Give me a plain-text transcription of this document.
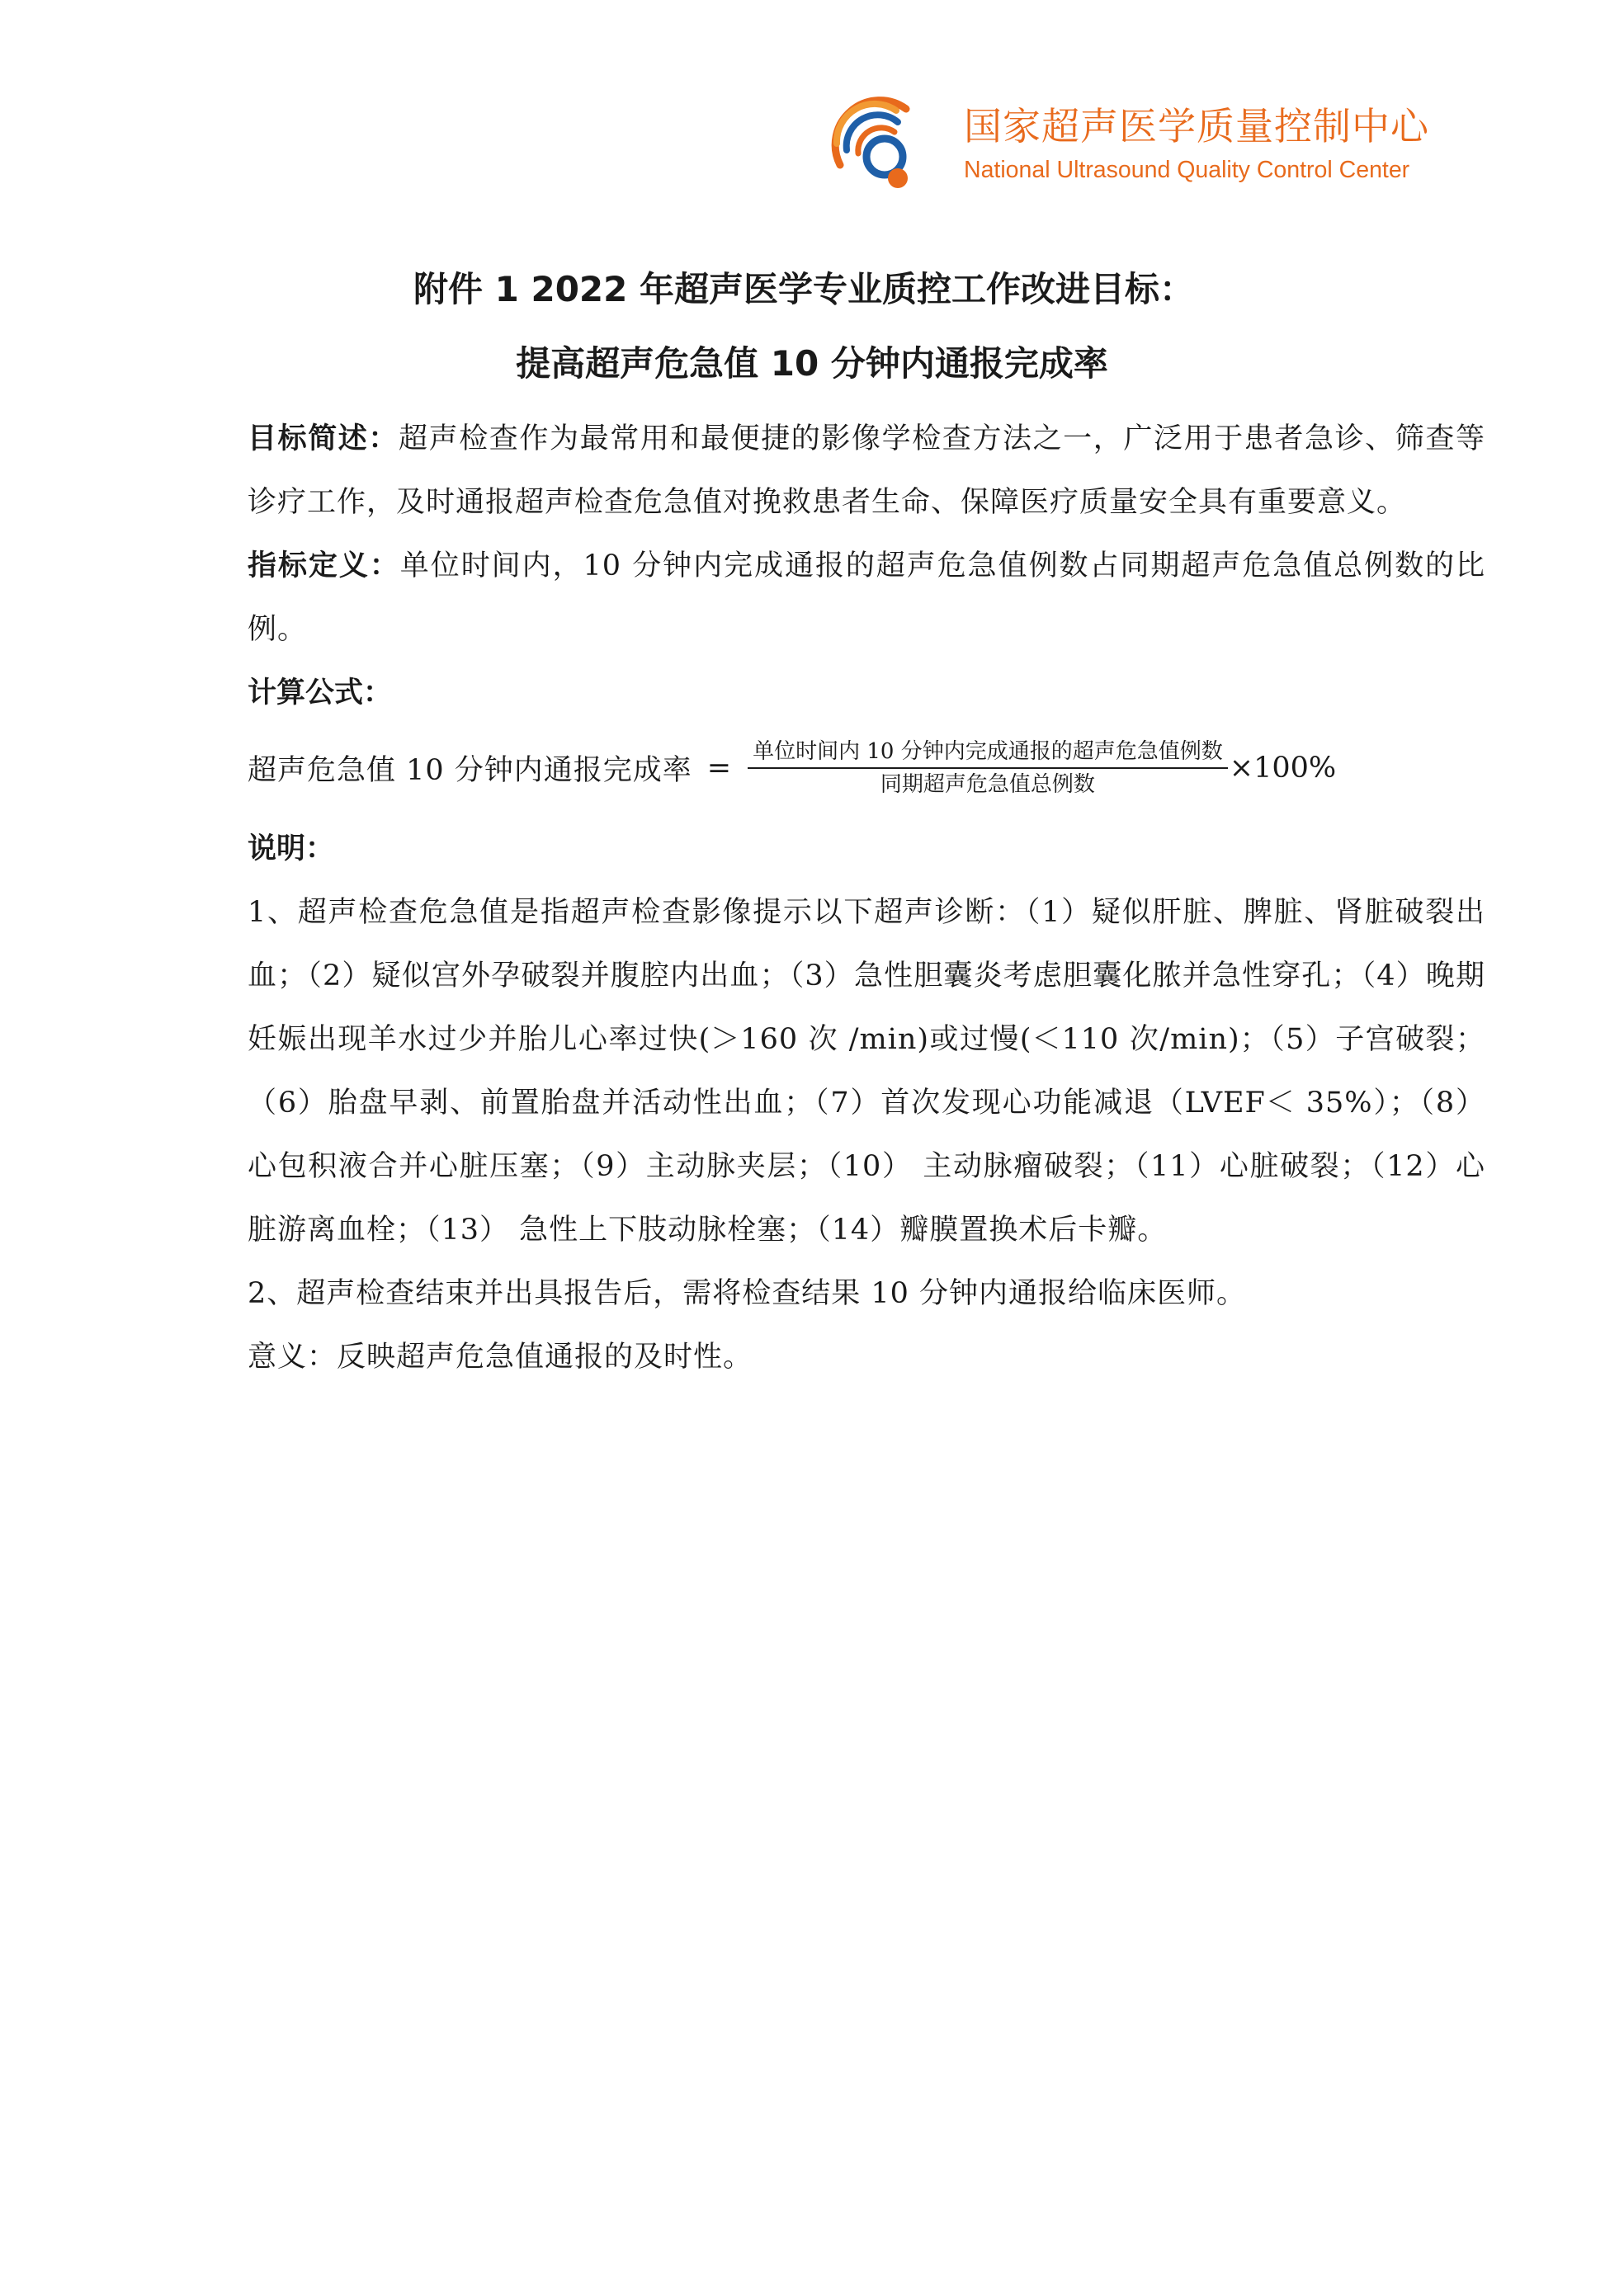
国家超声医学质量控制中心
National Ultrasound Quality Control Center
附件 1 2022 年超声医学专业质控工作改进目标：
提高超声危急值 10 分钟内通报完成率

目标简述：超声检查作为最常用和最便捷的影像学检查方法之一，广泛用于患者急诊、筛查等诊疗工作，及时通报超声检查危急值对挽救患者生命、保障医疗质量安全具有重要意义。

指标定义：单位时间内，10 分钟内完成通报的超声危急值例数占同期超声危急值总例数的比例。

计算公式：

超声危急值 10 分钟内通报完成率 = $\frac{\text{单位时间内 10 分钟内完成通报的超声危急值例数}}{\text{同期超声危急值总例数}} \times 100\%$

说明：

1、超声检查危急值是指超声检查影像提示以下超声诊断：（1）疑似肝脏、脾脏、肾脏破裂出血；（2）疑似宫外孕破裂并腹腔内出血；（3）急性胆囊炎考虑胆囊化脓并急性穿孔；（4）晚期妊娠出现羊水过少并胎儿心率过快(＞160 次 /min)或过慢(＜110 次/min)；（5）子宫破裂；（6）胎盘早剥、前置胎盘并活动性出血；（7）首次发现心功能减退（LVEF＜ 35%）；（8）心包积液合并心脏压塞；（9）主动脉夹层；（10） 主动脉瘤破裂；（11）心脏破裂；（12）心脏游离血栓；（13） 急性上下肢动脉栓塞；（14）瓣膜置换术后卡瓣。

2、超声检查结束并出具报告后，需将检查结果 10 分钟内通报给临床医师。

意义：反映超声危急值通报的及时性。
